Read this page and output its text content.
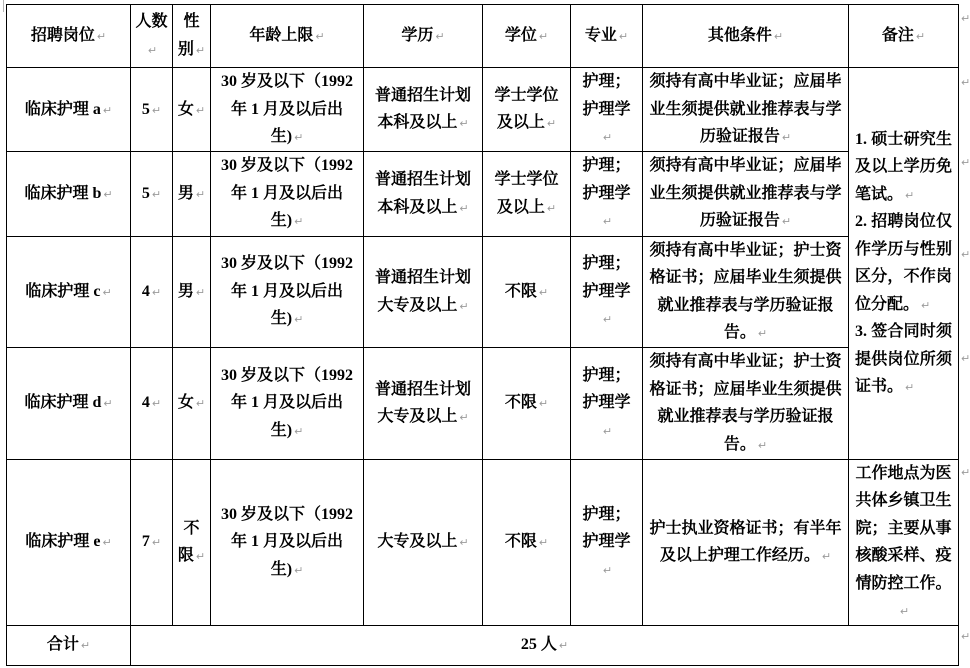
招聘岗位 ↵	人数↵	性别 ↵	年龄上限 ↵	学历 ↵	学位 ↵	专业 ↵	其他条件 ↵	备注 ↵
临床护理 a ↵	5 ↵	女 ↵	30 岁及以下（1992年 1 月及以后出生) ↵	普通招生计划本科及以上 ↵	学士学位及以上 ↵	护理；护理学↵	须持有高中毕业证；应届毕业生须提供就业推荐表与学历验证报告 ↵	1. 硕士研究生及以上学历免笔试。 ↵

2. 招聘岗位仅作学历与性别区分，不作岗位分配。 ↵

3. 签合同时须提供岗位所须证书。 ↵

临床护理 b ↵	5 ↵	男 ↵	30 岁及以下（1992年 1 月及以后出生) ↵	普通招生计划本科及以上 ↵	学士学位及以上 ↵	护理；护理学↵	须持有高中毕业证；应届毕业生须提供就业推荐表与学历验证报告 ↵	
临床护理 c ↵	4 ↵	男 ↵	30 岁及以下（1992年 1 月及以后出生) ↵	普通招生计划大专及以上 ↵	不限 ↵	护理；护理学↵	须持有高中毕业证；护士资格证书；应届毕业生须提供就业推荐表与学历验证报告。 ↵	
临床护理 d ↵	4 ↵	女 ↵	30 岁及以下（1992年 1 月及以后出生) ↵	普通招生计划大专及以上 ↵	不限 ↵	护理；护理学↵	须持有高中毕业证；护士资格证书；应届毕业生须提供就业推荐表与学历验证报告。 ↵	
临床护理 e ↵	7 ↵	不限 ↵	30 岁及以下（1992年 1 月及以后出生) ↵	大专及以上 ↵	不限 ↵	护理；护理学↵	护士执业资格证书；有半年及以上护理工作经历。 ↵	工作地点为医共体乡镇卫生院；主要从事核酸采样、疫情防控工作。↵
合计 ↵	25 人 ↵							
↵
↵
↵
↵
↵
↵
↵
